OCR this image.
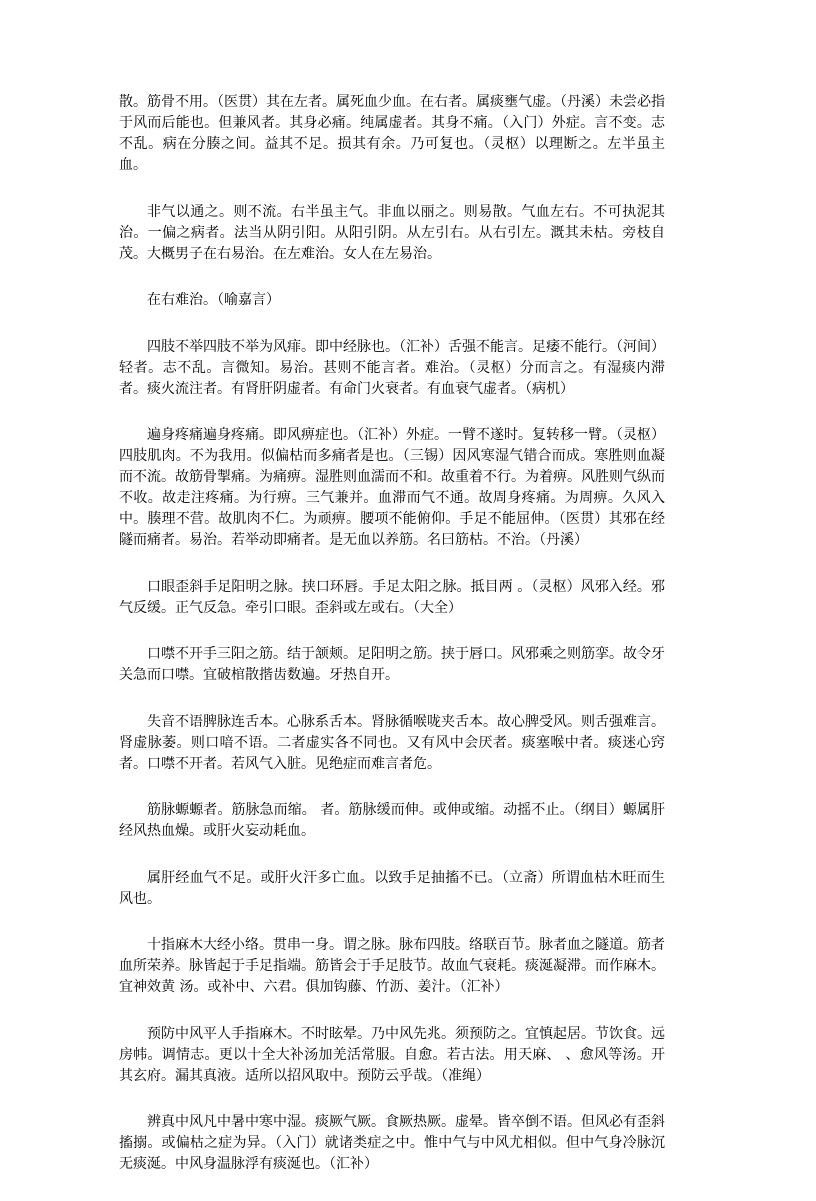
散。筋骨不用。（医贯）其在左者。属死血少血。在右者。属痰壅气虚。（丹溪）未尝必指于风而后能也。但兼风者。其身必痛。纯属虚者。其身不痛。（入门）外症。言不变。志不乱。病在分腠之间。益其不足。损其有余。乃可复也。（灵枢）以理断之。左半虽主血。

非气以通之。则不流。右半虽主气。非血以丽之。则易散。气血左右。不可执泥其治。一偏之病者。法当从阴引阳。从阳引阴。从左引右。从右引左。溉其未枯。旁枝自茂。大概男子在右易治。在左难治。女人在左易治。

在右难治。（喻嘉言）

四肢不举四肢不举为风痱。即中经脉也。（汇补）舌强不能言。足痿不能行。（河间）轻者。志不乱。言微知。易治。甚则不能言者。难治。（灵枢）分而言之。有湿痰内滞者。痰火流注者。有肾肝阴虚者。有命门火衰者。有血衰气虚者。（病机）

遍身疼痛遍身疼痛。即风痹症也。（汇补）外症。一臂不遂时。复转移一臂。（灵枢）四肢肌肉。不为我用。似偏枯而多痛者是也。（三锡）因风寒湿气错合而成。寒胜则血凝而不流。故筋骨掣痛。为痛痹。湿胜则血濡而不和。故重着不行。为着痹。风胜则气纵而不收。故走注疼痛。为行痹。三气兼并。血滞而气不通。故周身疼痛。为周痹。久风入中。腠理不营。故肌肉不仁。为顽痹。腰项不能俯仰。手足不能屈伸。（医贯）其邪在经隧而痛者。易治。若举动即痛者。是无血以养筋。名曰筋枯。不治。（丹溪）

口眼歪斜手足阳明之脉。挟口环唇。手足太阳之脉。抵目两 。（灵枢）风邪入经。邪气反缓。正气反急。牵引口眼。歪斜或左或右。（大全）

口噤不开手三阳之筋。结于颔颊。足阳明之筋。挟于唇口。风邪乘之则筋挛。故令牙关急而口噤。宜破棺散揩齿数遍。牙热自开。

失音不语脾脉连舌本。心脉系舌本。肾脉循喉咙夹舌本。故心脾受风。则舌强难言。肾虚脉萎。则口喑不语。二者虚实各不同也。又有风中会厌者。痰塞喉中者。痰迷心窍者。口噤不开者。若风气入脏。见绝症而难言者危。

筋脉螈螈者。筋脉急而缩。 者。筋脉缓而伸。或伸或缩。动摇不止。（纲目）螈属肝经风热血燥。或肝火妄动耗血。

属肝经血气不足。或肝火汗多亡血。以致手足抽搐不已。（立斋）所谓血枯木旺而生风也。

十指麻木大经小络。贯串一身。谓之脉。脉布四肢。络联百节。脉者血之隧道。筋者血所荣养。脉皆起于手足指端。筋皆会于手足肢节。故血气衰耗。痰涎凝滞。而作麻木。宜神效黄 汤。或补中、六君。俱加钩藤、竹沥、姜汁。（汇补）

预防中风平人手指麻木。不时眩晕。乃中风先兆。须预防之。宜慎起居。节饮食。远房帏。调情志。更以十全大补汤加羌活常服。自愈。若古法。用天麻、 、愈风等汤。开其玄府。漏其真液。适所以招风取中。预防云乎哉。（准绳）

辨真中风凡中暑中寒中湿。痰厥气厥。食厥热厥。虚晕。皆卒倒不语。但风必有歪斜搐搦。或偏枯之症为异。（入门）就诸类症之中。惟中气与中风尤相似。但中气身冷脉沉无痰涎。中风身温脉浮有痰涎也。（汇补）
